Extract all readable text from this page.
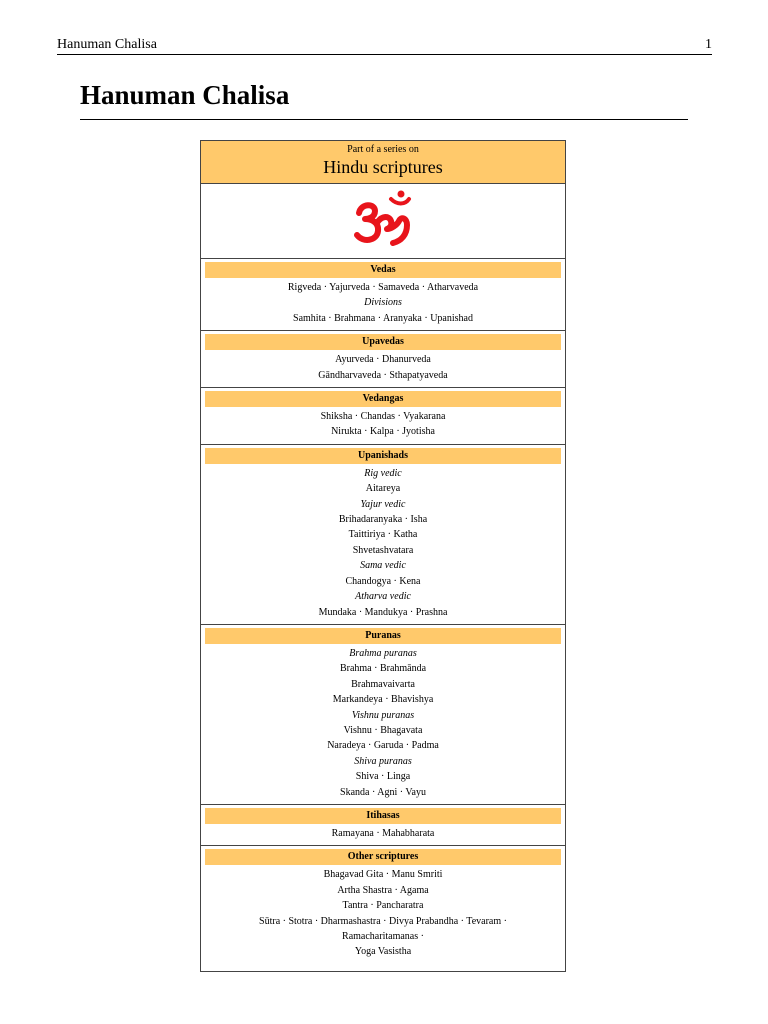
Hanuman Chalisa	1
Hanuman Chalisa
Part of a series on
Hindu scriptures
Vedas
Rigveda · Yajurveda · Samaveda · Atharvaveda
Divisions
Samhita · Brahmana · Aranyaka · Upanishad
Upavedas
Ayurveda · Dhanurveda
Gāndharvaveda · Sthapatyaveda
Vedangas
Shiksha · Chandas · Vyakarana
Nirukta · Kalpa · Jyotisha
Upanishads
Rig vedic
Aitareya
Yajur vedic
Brihadaranyaka · Isha
Taittiriya · Katha
Shvetashvatara
Sama vedic
Chandogya · Kena
Atharva vedic
Mundaka · Mandukya · Prashna
Puranas
Brahma puranas
Brahma · Brahmānda
Brahmavaivarta
Markandeya · Bhavishya
Vishnu puranas
Vishnu · Bhagavata
Naradeya · Garuda · Padma
Shiva puranas
Shiva · Linga
Skanda · Agni · Vayu
Itihasas
Ramayana · Mahabharata
Other scriptures
Bhagavad Gita · Manu Smriti
Artha Shastra · Agama
Tantra · Pancharatra
Sūtra · Stotra · Dharmashastra · Divya Prabandha · Tevaram ·
Ramacharitamanas ·
Yoga Vasistha
